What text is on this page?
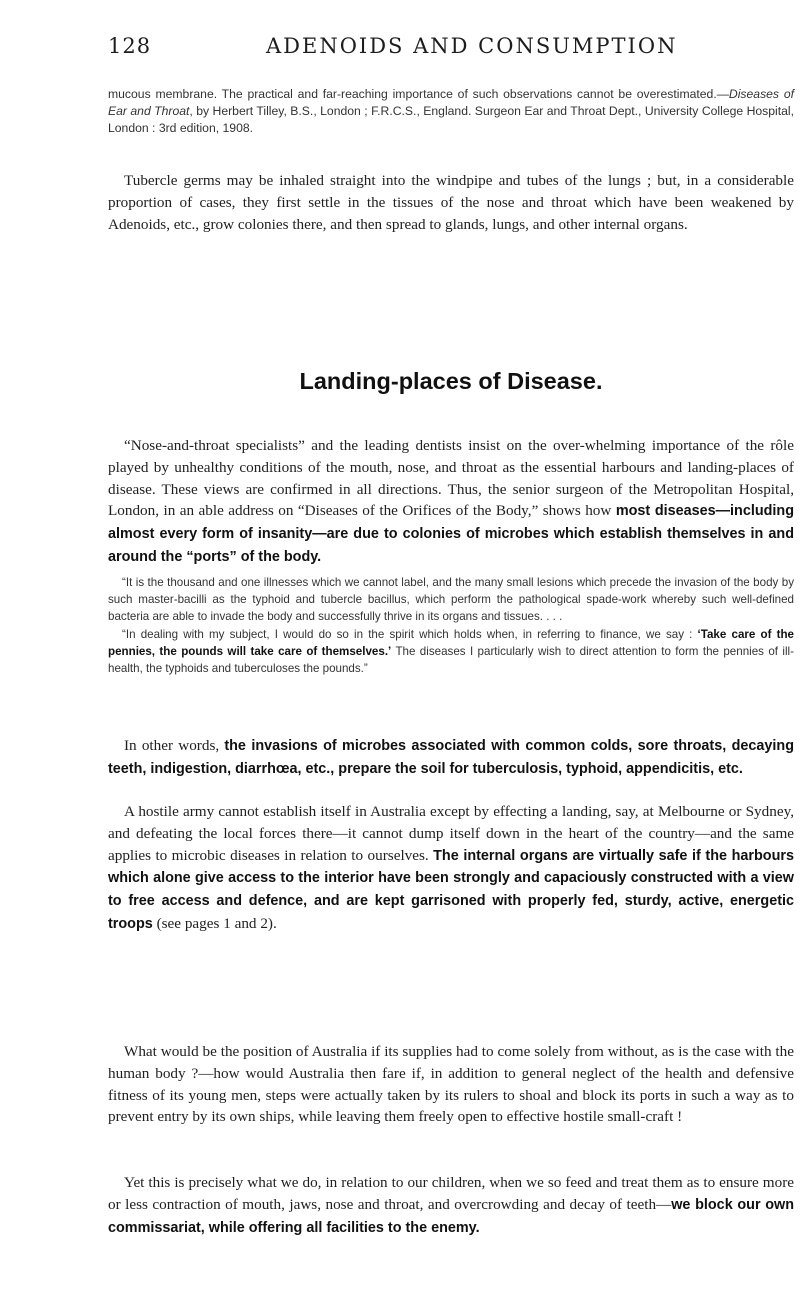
128	ADENOIDS AND CONSUMPTION

mucous membrane. The practical and far-reaching importance of such observations cannot be overestimated.—Diseases of Ear and Throat, by Herbert Tilley, B.S., London ; F.R.C.S., England. Surgeon Ear and Throat Dept., University College Hospital, London : 3rd edition, 1908.

Tubercle germs may be inhaled straight into the windpipe and tubes of the lungs ; but, in a considerable proportion of cases, they first settle in the tissues of the nose and throat which have been weakened by Adenoids, etc., grow colonies there, and then spread to glands, lungs, and other internal organs.

Landing-places of Disease.

“Nose-and-throat specialists” and the leading dentists insist on the over-whelming importance of the rôle played by unhealthy conditions of the mouth, nose, and throat as the essential harbours and landing-places of disease. These views are confirmed in all directions. Thus, the senior surgeon of the Metropolitan Hospital, London, in an able address on “Diseases of the Orifices of the Body,” shows how most diseases—including almost every form of insanity—are due to colonies of microbes which establish themselves in and around the “ports” of the body.

“It is the thousand and one illnesses which we cannot label, and the many small lesions which precede the invasion of the body by such master-bacilli as the typhoid and tubercle bacillus, which perform the pathological spade-work whereby such well-defined bacteria are able to invade the body and successfully thrive in its organs and tissues. . . .

“In dealing with my subject, I would do so in the spirit which holds when, in referring to finance, we say : ‘Take care of the pennies, the pounds will take care of themselves.’ The diseases I particularly wish to direct attention to form the pennies of ill-health, the typhoids and tuberculoses the pounds.”

In other words, the invasions of microbes associated with common colds, sore throats, decaying teeth, indigestion, diarrhœa, etc., prepare the soil for tuberculosis, typhoid, appendicitis, etc.

A hostile army cannot establish itself in Australia except by effecting a landing, say, at Melbourne or Sydney, and defeating the local forces there—it cannot dump itself down in the heart of the country—and the same applies to microbic diseases in relation to ourselves. The internal organs are virtually safe if the harbours which alone give access to the interior have been strongly and capaciously constructed with a view to free access and defence, and are kept garrisoned with properly fed, sturdy, active, energetic troops (see pages 1 and 2).

What would be the position of Australia if its supplies had to come solely from without, as is the case with the human body ?—how would Australia then fare if, in addition to general neglect of the health and defensive fitness of its young men, steps were actually taken by its rulers to shoal and block its ports in such a way as to prevent entry by its own ships, while leaving them freely open to effective hostile small-craft !

Yet this is precisely what we do, in relation to our children, when we so feed and treat them as to ensure more or less contraction of mouth, jaws, nose and throat, and overcrowding and decay of teeth—we block our own commissariat, while offering all facilities to the enemy.
